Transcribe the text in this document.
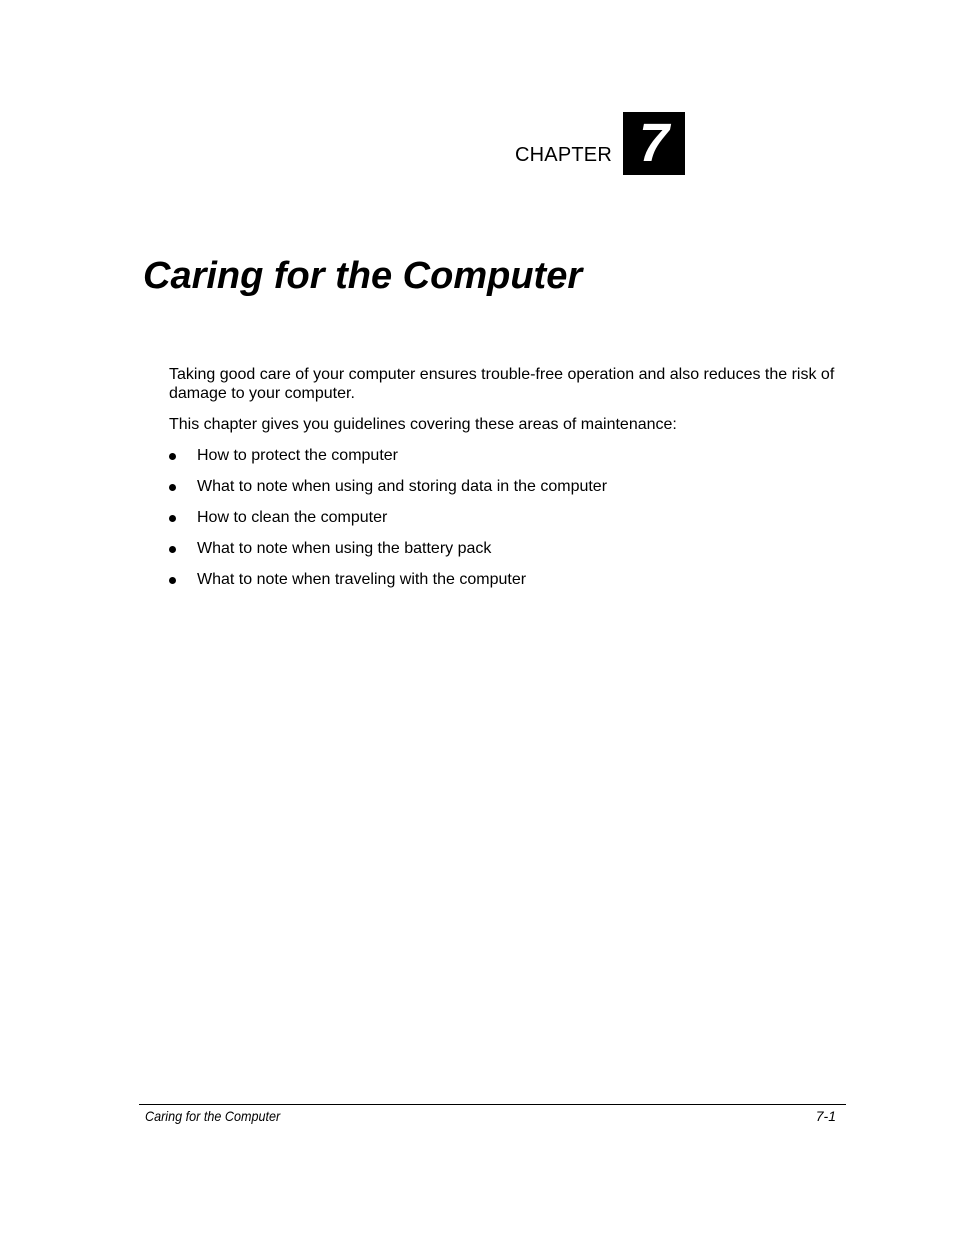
CHAPTER 7
Caring for the Computer

Taking good care of your computer ensures trouble-free operation and also reduces the risk of damage to your computer.

This chapter gives you guidelines covering these areas of maintenance:

How to protect the computer
What to note when using and storing data in the computer
How to clean the computer
What to note when using the battery pack
What to note when traveling with the computer
Caring for the Computer	7-1
